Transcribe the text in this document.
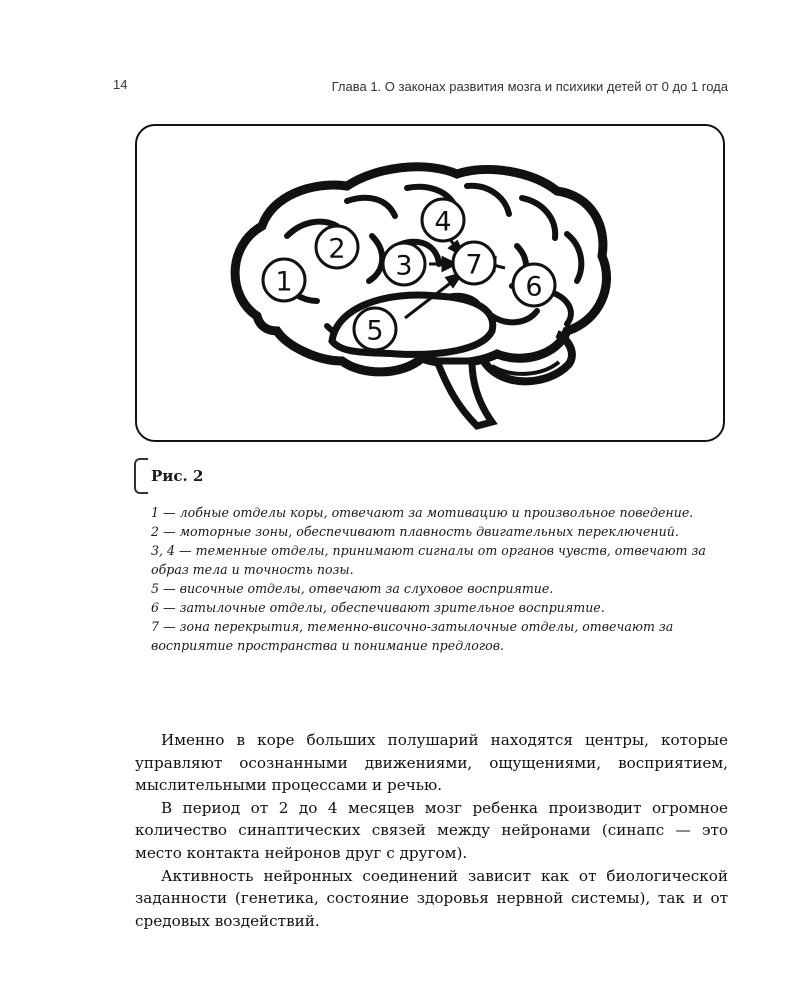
14	Глава 1. О законах развития мозга и психики детей от 0 до 1 года
1
2
3
4
5
6
7
Рис. 2

1 — лобные отделы коры, отвечают за мотивацию и произвольное поведение.

2 — моторные зоны, обеспечивают плавность двигательных переключений.

3, 4 — теменные отделы, принимают сигналы от органов чувств, отвечают за образ тела и точность позы.

5 — височные отделы, отвечают за слуховое восприятие.

6 — затылочные отделы, обеспечивают зрительное восприятие.

7 — зона перекрытия, теменно-височно-затылочные отделы, отвечают за восприятие пространства и понимание предлогов.

Именно в коре больших полушарий находятся центры, которые управляют осознанными движениями, ощущениями, восприятием, мыслительными процессами и речью.

В период от 2 до 4 месяцев мозг ребенка производит огромное количество синаптических связей между нейронами (синапс — это место контакта нейронов друг с другом).

Активность нейронных соединений зависит как от биологической заданности (генетика, состояние здоровья нервной системы), так и от средовых воздействий.
